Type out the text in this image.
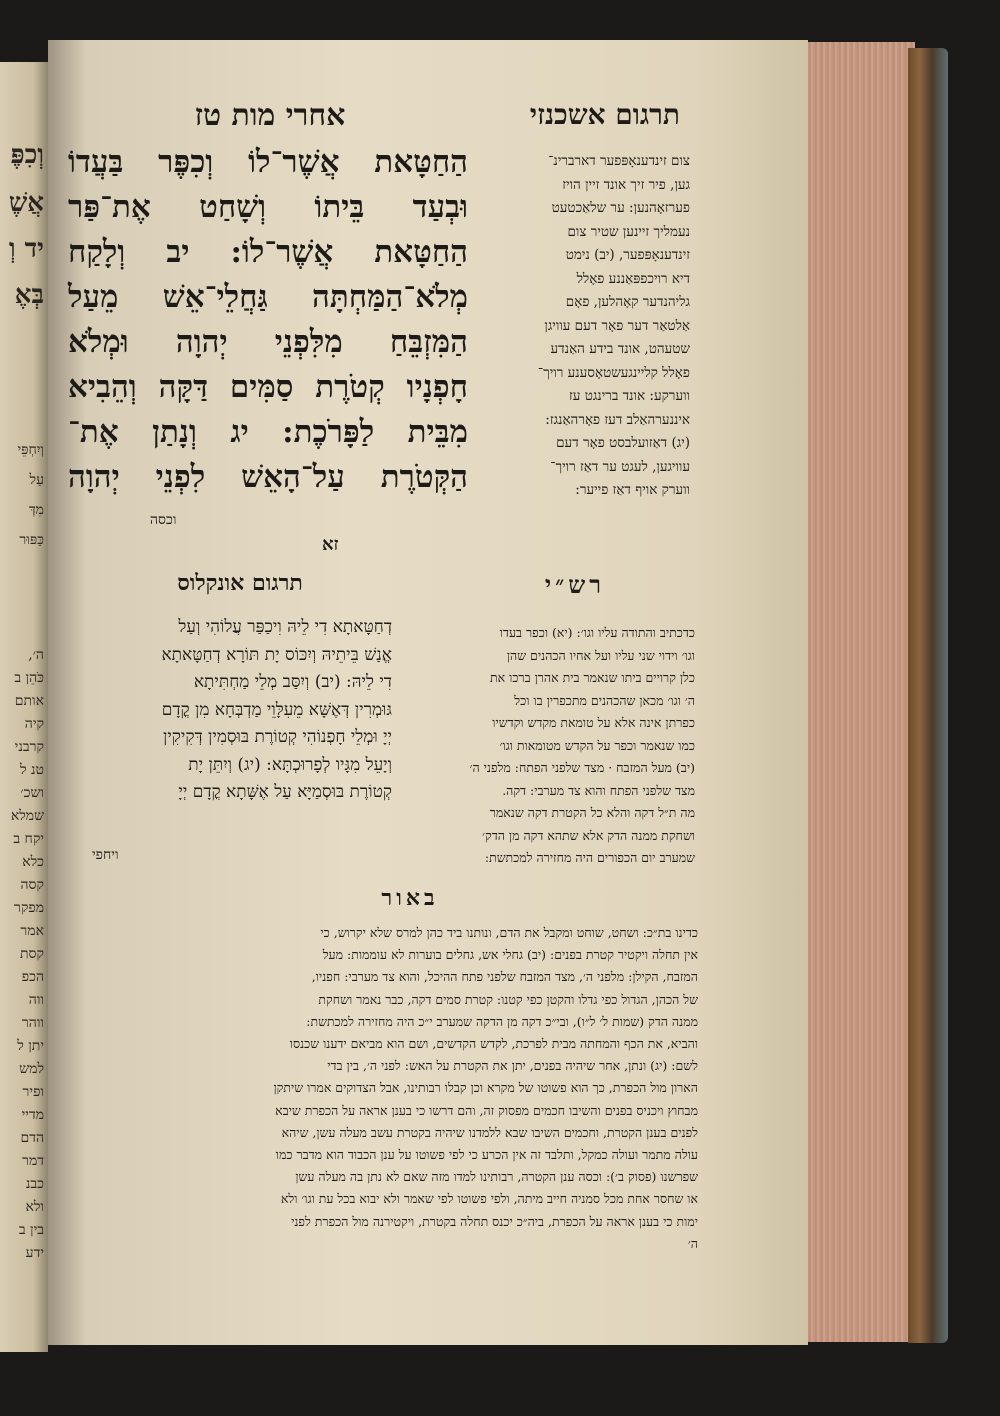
וְכִפֶּ
אֲשֶׁ
יד וְ
בְּאֶ
וְיִחְפֵּי
עַל
מִדְּ
כַּפּוּר
ה׳,
כֹּהֵן ב
אותם
קיה
קרבני
טנ ל
ושכ׳
שמלא
יקח ב
כלא
קסה
מפקר
אמר
קסת
הכפ
ווה
ווהר
יתן ל
למש
ופיר
מדיי
הדם
דמר
כבנ
ולא
בין ב
ידע
תרגום אשכנזי
אחרי מות טז
הַחַטָּאת אֲשֶׁר־לוֹ וְכִפֶּר בַּעֲדוֹ
וּבְעַד בֵּיתוֹ וְשָׁחַט אֶת־פַּר
הַחַטָּאת אֲשֶׁר־לוֹ: יב וְלָקַח
מְלֹא־הַמַּחְתָּה גַּחֲלֵי־אֵשׁ מֵעַל
הַמִּזְבֵּחַ מִלִּפְנֵי יְהוָה וּמְלֹא
חָפְנָיו קְטֹרֶת סַמִּים דַּקָּה וְהֵבִיא
מִבֵּית לַפָּרֹכֶת: יג וְנָתַן אֶת־
הַקְּטֹרֶת עַל־הָאֵשׁ לִפְנֵי יְהוָה
וכסה
צום זינדענאָפּפער דארברינ־
גען, פיר זיך אונד זיין הויז
פערזאָהנען: ער שלאַכטעט
נעמליך זיינען שטיר צום
זינדענאָפּפער, (יב) נימט
דיא רויכפפּאַננע פאָלל
גליהנדער קאָהלען, פאָם
אַלטאַר דער פאָר דעם עוויגן
שטעהט, אונד בידע האַנדע
פאָלל קליינגעשטאָסענע רויך־
ווערקע: אונד ברינגט עז
איננערהאַלב דעז פאָרהאַנגז:
(יג) דאַזועלבסט פאָר דעם
עוויגען, לעגט ער דאַז רויך־
ווערק אויף דאַז פייער:
זא
תרגום אונקלוס	רש״י
דְחַטָּאתָא דִי לֵיהּ וִיכַפַּר עֲלוֹהִי וְעַל
אֱנַשׁ בֵּיתֵיהּ וְיִכּוֹס יָת תּוֹרָא דְחַטָּאתָא
דִי לֵיהּ: (יב) וְיִסַּב מְלֵי מַחְתִּיתָא
גּוּמְרִין דְּאֶשָּׁא מֵעִלָּוֵי מַדְבְּחָא מִן קֳדָם
יְיָ וּמְלֵי חָפְנוֹהִי קְטוֹרֶת בּוּסְמִין דְּקִיקִין
וְיָעֵל מִגָּיו לְפָרוּכְתָּא: (יג) וְיִתֵּן יָת
קְטוֹרֶת בּוּסְמַיָּא עַל אֶשָּׁתָא קֳדָם יְיָ
ויחפי
כדכתיב והתודה עליו וגו׳: (יא) וכפר בעדו
וגו׳ וידוי שני עליו ועל אחיו הכהנים שהן
כלן קרויים ביתו שנאמר בית אהרן ברכו את
ה׳ וגו׳ מכאן שהכהנים מתכפרין בו וכל
כפרתן אינה אלא על טומאת מקדש וקדשיו
כמו שנאמר וכפר על הקדש מטומאות וגו׳
(יב) מעל המזבח · מצד שלפני הפתח: מלפני ה׳
מצד שלפני הפתח והוא צד מערבי: דקה.
מה ת״ל דקה והלא כל הקטרת דקה שנאמר
ושחקת ממנה הדק אלא שתהא דקה מן הדק׳
שמערב יום הכפורים היה מחזירה למכתשת:
באור
כדינו בת״כ: ושחט, שוחט ומקבל את הדם, ונותנו ביד כהן למרס שלא יקרוש, כי
אין תחלה ויקטיר קטרת בפנים: (יב) גחלי אש, גחלים בוערות לא עוממות: מעל
המזבח, הקילן: מלפני ה׳, מצד המזבח שלפני פתח ההיכל, והוא צד מערבי: חפניו,
של הכהן, הגדול כפי גדלו והקטן כפי קטנו: קטרת סמים דקה, כבר נאמר ושחקת
ממנה הדק (שמות ל׳ ל״ו), ובי״כ דקה מן הדקה שמערב י״כ היה מחזירה למכתשת:
והביא, את הכף והמחתה מבית לפרכת, לקדש הקדשים, ושם הוא מביאם ידענו שכנסו
לשם: (יג) ונתן, אחר שיהיה בפנים, יתן את הקטרת על האש: לפני ה׳, בין בדי
הארון מול הכפרת, כך הוא פשוטו של מקרא וכן קבלו רבותינו, אבל הצדוקים אמרו שיתקן
מבחוץ ויכניס בפנים והשיבו חכמים מפסוק זה, והם דרשו כי בענן אראה על הכפרת שיבא
לפנים בענן הקטרת, וחכמים השיבו שבא ללמדנו שיהיה בקטרת עשב מעלה עשן, שיהא
עולה מתמר ועולה כמקל, ותלבד זה אין הכרע כי לפי פשוטו על ענן הכבוד הוא מדבר כמו
שפרשנו (פסוק ב׳): וכסה ענן הקטרה, רבותינו למדו מזה שאם לא נתן בה מעלה עשן
או שחסר אחת מכל סמניה חייב מיתה, ולפי פשוטו לפי שאמר ולא יבוא בכל עת וגו׳ ולא
ימות כי בענן אראה על הכפרת, ביה״כ יכנס תחלה בקטרת, ויקטירנה מול הכפרת לפני
ה׳
